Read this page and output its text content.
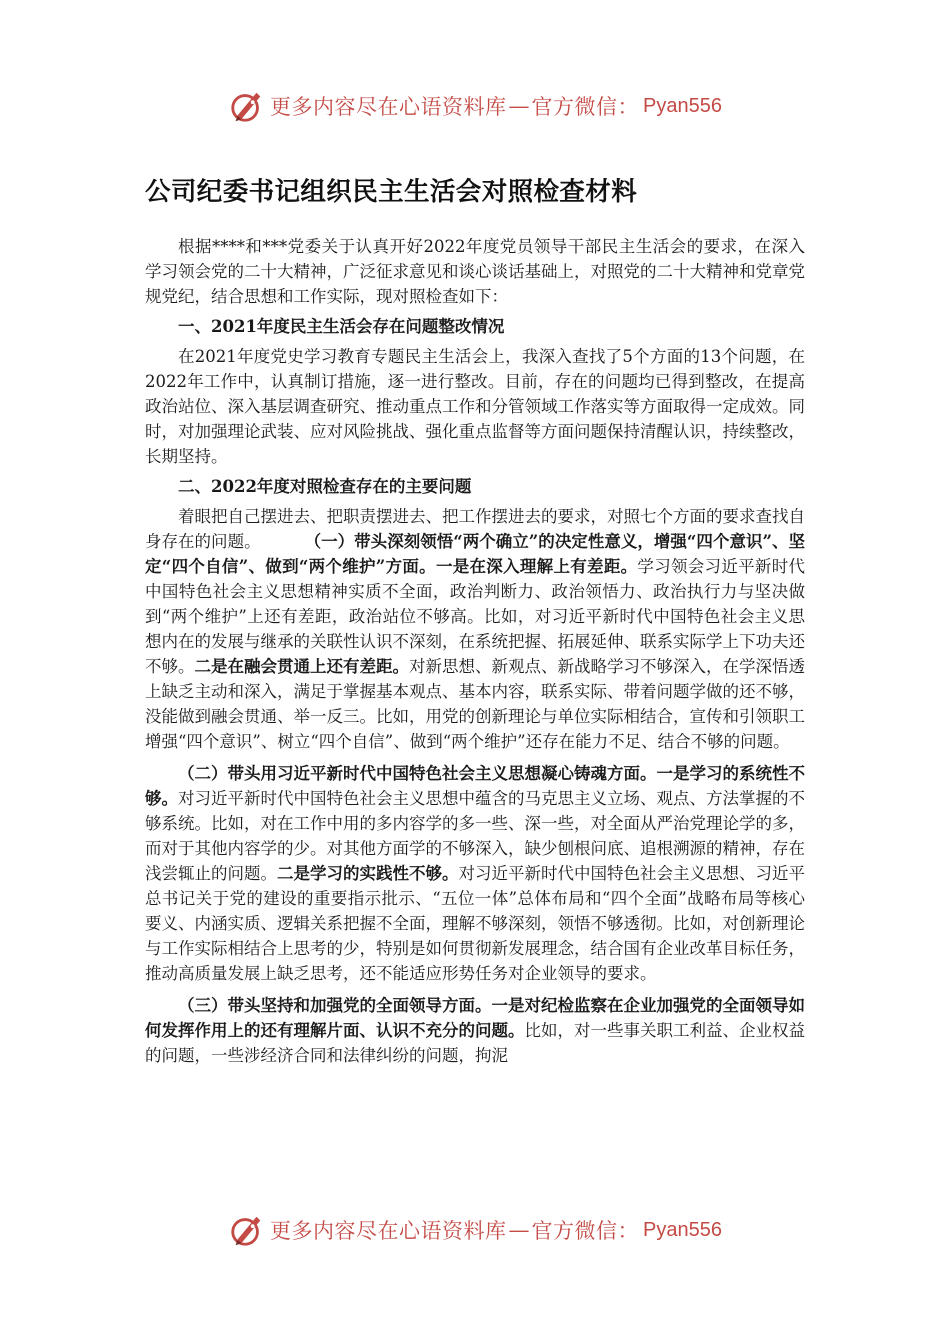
更多内容尽在心语资料库 — 官方微信： Pyan556
公司纪委书记组织民主生活会对照检查材料

根据****和***党委关于认真开好2022年度党员领导干部民主生活会的要求，在深入学习领会党的二十大精神，广泛征求意见和谈心谈话基础上，对照党的二十大精神和党章党规党纪，结合思想和工作实际，现对照检查如下：

一、2021年度民主生活会存在问题整改情况

在2021年度党史学习教育专题民主生活会上，我深入查找了5个方面的13个问题，在2022年工作中，认真制订措施，逐一进行整改。目前，存在的问题均已得到整改，在提高政治站位、深入基层调查研究、推动重点工作和分管领域工作落实等方面取得一定成效。同时，对加强理论武装、应对风险挑战、强化重点监督等方面问题保持清醒认识，持续整改，长期坚持。

二、2022年度对照检查存在的主要问题

着眼把自己摆进去、把职责摆进去、把工作摆进去的要求，对照七个方面的要求查找自身存在的问题。	（一）带头深刻领悟“两个确立”的决定性意义，增强“四个意识”、坚定“四个自信”、做到“两个维护”方面。一是在深入理解上有差距。学习领会习近平新时代中国特色社会主义思想精神实质不全面，政治判断力、政治领悟力、政治执行力与坚决做到“两个维护”上还有差距，政治站位不够高。比如，对习近平新时代中国特色社会主义思想内在的发展与继承的关联性认识不深刻，在系统把握、拓展延伸、联系实际学上下功夫还不够。二是在融会贯通上还有差距。对新思想、新观点、新战略学习不够深入，在学深悟透上缺乏主动和深入，满足于掌握基本观点、基本内容，联系实际、带着问题学做的还不够，没能做到融会贯通、举一反三。比如，用党的创新理论与单位实际相结合，宣传和引领职工增强“四个意识”、树立“四个自信”、做到“两个维护”还存在能力不足、结合不够的问题。

（二）带头用习近平新时代中国特色社会主义思想凝心铸魂方面。一是学习的系统性不够。对习近平新时代中国特色社会主义思想中蕴含的马克思主义立场、观点、方法掌握的不够系统。比如，对在工作中用的多内容学的多一些、深一些，对全面从严治党理论学的多，而对于其他内容学的少。对其他方面学的不够深入，缺少刨根问底、追根溯源的精神，存在浅尝辄止的问题。二是学习的实践性不够。对习近平新时代中国特色社会主义思想、习近平总书记关于党的建设的重要指示批示、“五位一体”总体布局和“四个全面”战略布局等核心要义、内涵实质、逻辑关系把握不全面，理解不够深刻，领悟不够透彻。比如，对创新理论与工作实际相结合上思考的少，特别是如何贯彻新发展理念，结合国有企业改革目标任务，推动高质量发展上缺乏思考，还不能适应形势任务对企业领导的要求。

（三）带头坚持和加强党的全面领导方面。一是对纪检监察在企业加强党的全面领导如何发挥作用上的还有理解片面、认识不充分的问题。比如，对一些事关职工利益、企业权益的问题，一些涉经济合同和法律纠纷的问题，拘泥

更多内容尽在心语资料库 — 官方微信： Pyan556
